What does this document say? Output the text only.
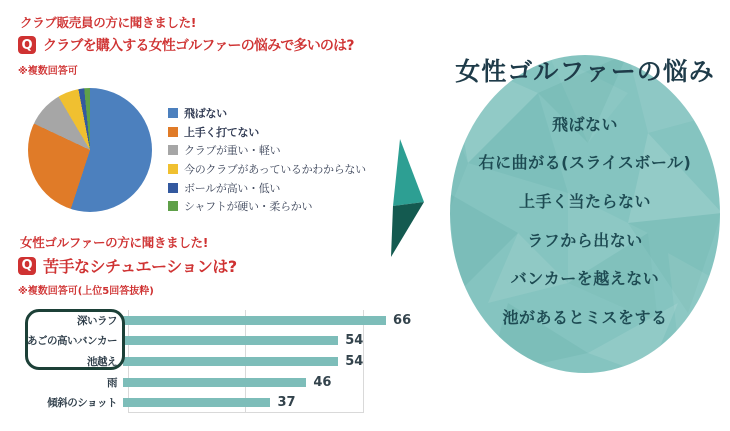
クラブ販売員の方に聞きました!
Q クラブを購入する女性ゴルファーの悩みで多いのは?
※複数回答可
飛ばない
上手く打てない
クラブが重い・軽い
今のクラブがあっているかわからない
ボールが高い・低い
シャフトが硬い・柔らかい
女性ゴルファーの方に聞きました!
Q 苦手なシチュエーションは?
※複数回答可(上位5回答抜粋)
深いラフ	66
あごの高いバンカー	54
池越え	54
雨	46
傾斜のショット	37
女性ゴルファーの悩み
飛ばない
右に曲がる(スライスボール)
上手く当たらない
ラフから出ない
バンカーを越えない
池があるとミスをする
